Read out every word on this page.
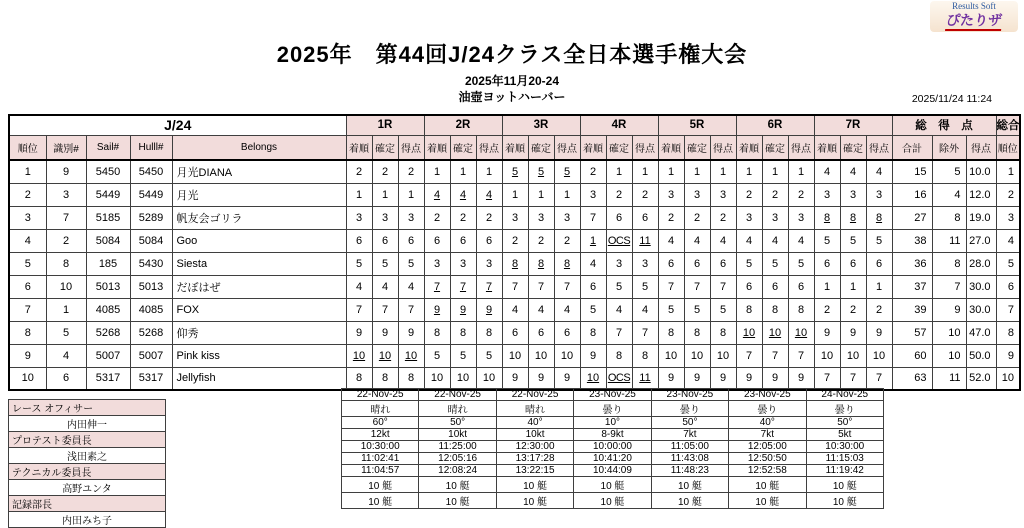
Results Soft
ぴたりザ
2025年　第44回J/24クラス全日本選手権大会
2025年11月20-24
油壺ヨットハーバー	2025/11/24 11:24
J/24					1R			2R			3R			4R			5R			6R			7R			総　得　点			総合
順位	識別#	Sail#	Hulll#	Belongs	着順	確定	得点	着順	確定	得点	着順	確定	得点	着順	確定	得点	着順	確定	得点	着順	確定	得点	着順	確定	得点	合計	除外	得点	順位
1	9	5450	5450	月光DIANA	2	2	2	1	1	1	5	5	5	2	1	1	1	1	1	1	1	1	4	4	4	15	5	10.0	1
2	3	5449	5449	月光	1	1	1	4	4	4	1	1	1	3	2	2	3	3	3	2	2	2	3	3	3	16	4	12.0	2
3	7	5185	5289	帆友会ゴリラ	3	3	3	2	2	2	3	3	3	7	6	6	2	2	2	3	3	3	8	8	8	27	8	19.0	3
4	2	5084	5084	Goo	6	6	6	6	6	6	2	2	2	1	OCS	11	4	4	4	4	4	4	5	5	5	38	11	27.0	4
5	8	185	5430	Siesta	5	5	5	3	3	3	8	8	8	4	3	3	6	6	6	5	5	5	6	6	6	36	8	28.0	5
6	10	5013	5013	だぼはぜ	4	4	4	7	7	7	7	7	7	6	5	5	7	7	7	6	6	6	1	1	1	37	7	30.0	6
7	1	4085	4085	FOX	7	7	7	9	9	9	4	4	4	5	4	4	5	5	5	8	8	8	2	2	2	39	9	30.0	7
8	5	5268	5268	仰秀	9	9	9	8	8	8	6	6	6	8	7	7	8	8	8	10	10	10	9	9	9	57	10	47.0	8
9	4	5007	5007	Pink kiss	10	10	10	5	5	5	10	10	10	9	8	8	10	10	10	7	7	7	10	10	10	60	10	50.0	9
10	6	5317	5317	Jellyfish	8	8	8	10	10	10	9	9	9	10	OCS	11	9	9	9	9	9	9	7	7	7	63	11	52.0	10
レース オフィサー
内田伸一
プロテスト委員長
浅田素之
テクニカル委員長
高野ユンタ
記録部長
内田みち子
22-Nov-25	22-Nov-25	22-Nov-25	23-Nov-25	23-Nov-25	23-Nov-25	24-Nov-25
晴れ	晴れ	晴れ	曇り	曇り	曇り	曇り
60°	50°	40°	10°	50°	40°	50°
12kt	10kt	10kt	8-9kt	7kt	7kt	5kt
10:30:00	11:25:00	12:30:00	10:00:00	11:05:00	12:05:00	10:30:00
11:02:41	12:05:16	13:17:28	10:41:20	11:43:08	12:50:50	11:15:03
11:04:57	12:08:24	13:22:15	10:44:09	11:48:23	12:52:58	11:19:42
10 艇	10 艇	10 艇	10 艇	10 艇	10 艇	10 艇
10 艇	10 艇	10 艇	10 艇	10 艇	10 艇	10 艇
